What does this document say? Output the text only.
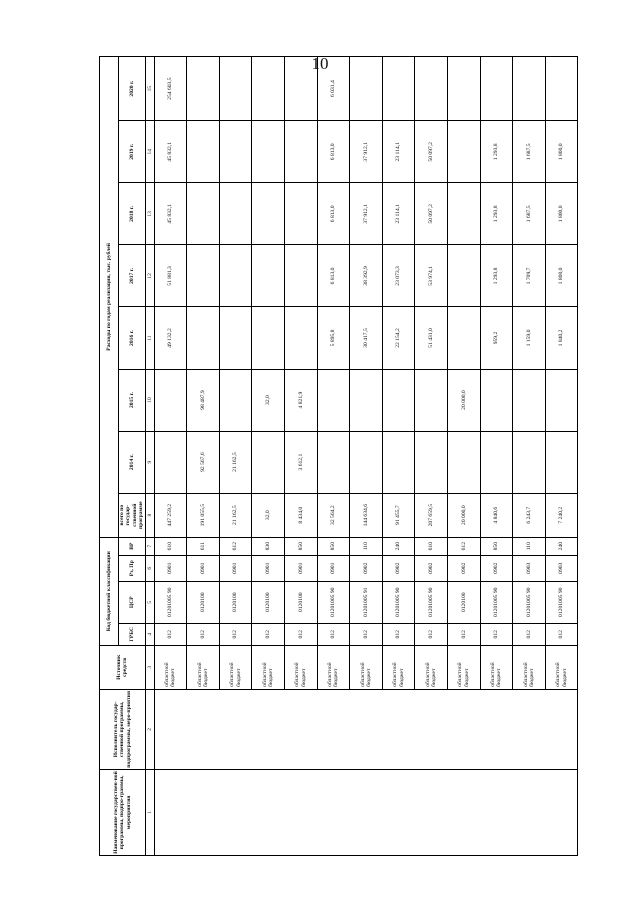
10
Наименование государствен-ной программы, подпро-граммы, мероприятия	Исполнитель государ-ственной программы, подпрограммы, меро-приятия	Источник средств	Код бюджетной классификации				Расходы по годам реализации, тыс. рублей							
			ГРБС	ЦСР	Рз, Пр	ВР	всего по государ-ственной программе	2014 г.	2015 г.	2016 г.	2017 г.	2018 г.	2019 г.	2020 г.
1	2	3	4	5	6	7	8	9	10	11	12	13	14	15
		областной бюджет	012	01201005 90	0901	610	447 259,2			49 132,2	51 881,3	45 832,1	45 832,1	254 603,5
		областной бюджет	012	0120100	0901	611	191 055,5	92 567,6	98 487,9					
		областной бюджет	012	0120100	0901	612	21 162,5	21 162,5						
		областной бюджет	012	0120100	0901	830	32,0		32,0					
		областной бюджет	012	0120100	0901	850	8 434,0	3 612,1	4 821,9					
		областной бюджет	012	01201005 90	0901	850	32 564,2			5 895,8	6 813,0	6 813,0	6 813,0	6 031,4
		областной бюджет	012	01201005 91	0902	110	144 634,6			30 417,5	38 392,9	37 912,1	37 912,1	
		областной бюджет	012	01201005 90	0902	240	91 455,7			22 154,2	23 073,3	23 114,1	23 114,1	
		областной бюджет	012	01201005 90	0902	610	207 659,5			51 431,0	53 974,1	50 097,2	50 097,2	
		областной бюджет	012	0120100	0902	612	20 000,0		20 000,0					
		областной бюджет	012	01201005 90	0902	850	4 840,6			959,2	1 293,8	1 293,8	1 293,8	
		областной бюджет	012	01201005 90	0903	110	6 243,7			1 159,0	1 709,7	1 687,5	1 687,5	
		областной бюджет	012	01201005 90	0903	240	7 240,2			1 840,2	1 800,0	1 800,0	1 800,0	
